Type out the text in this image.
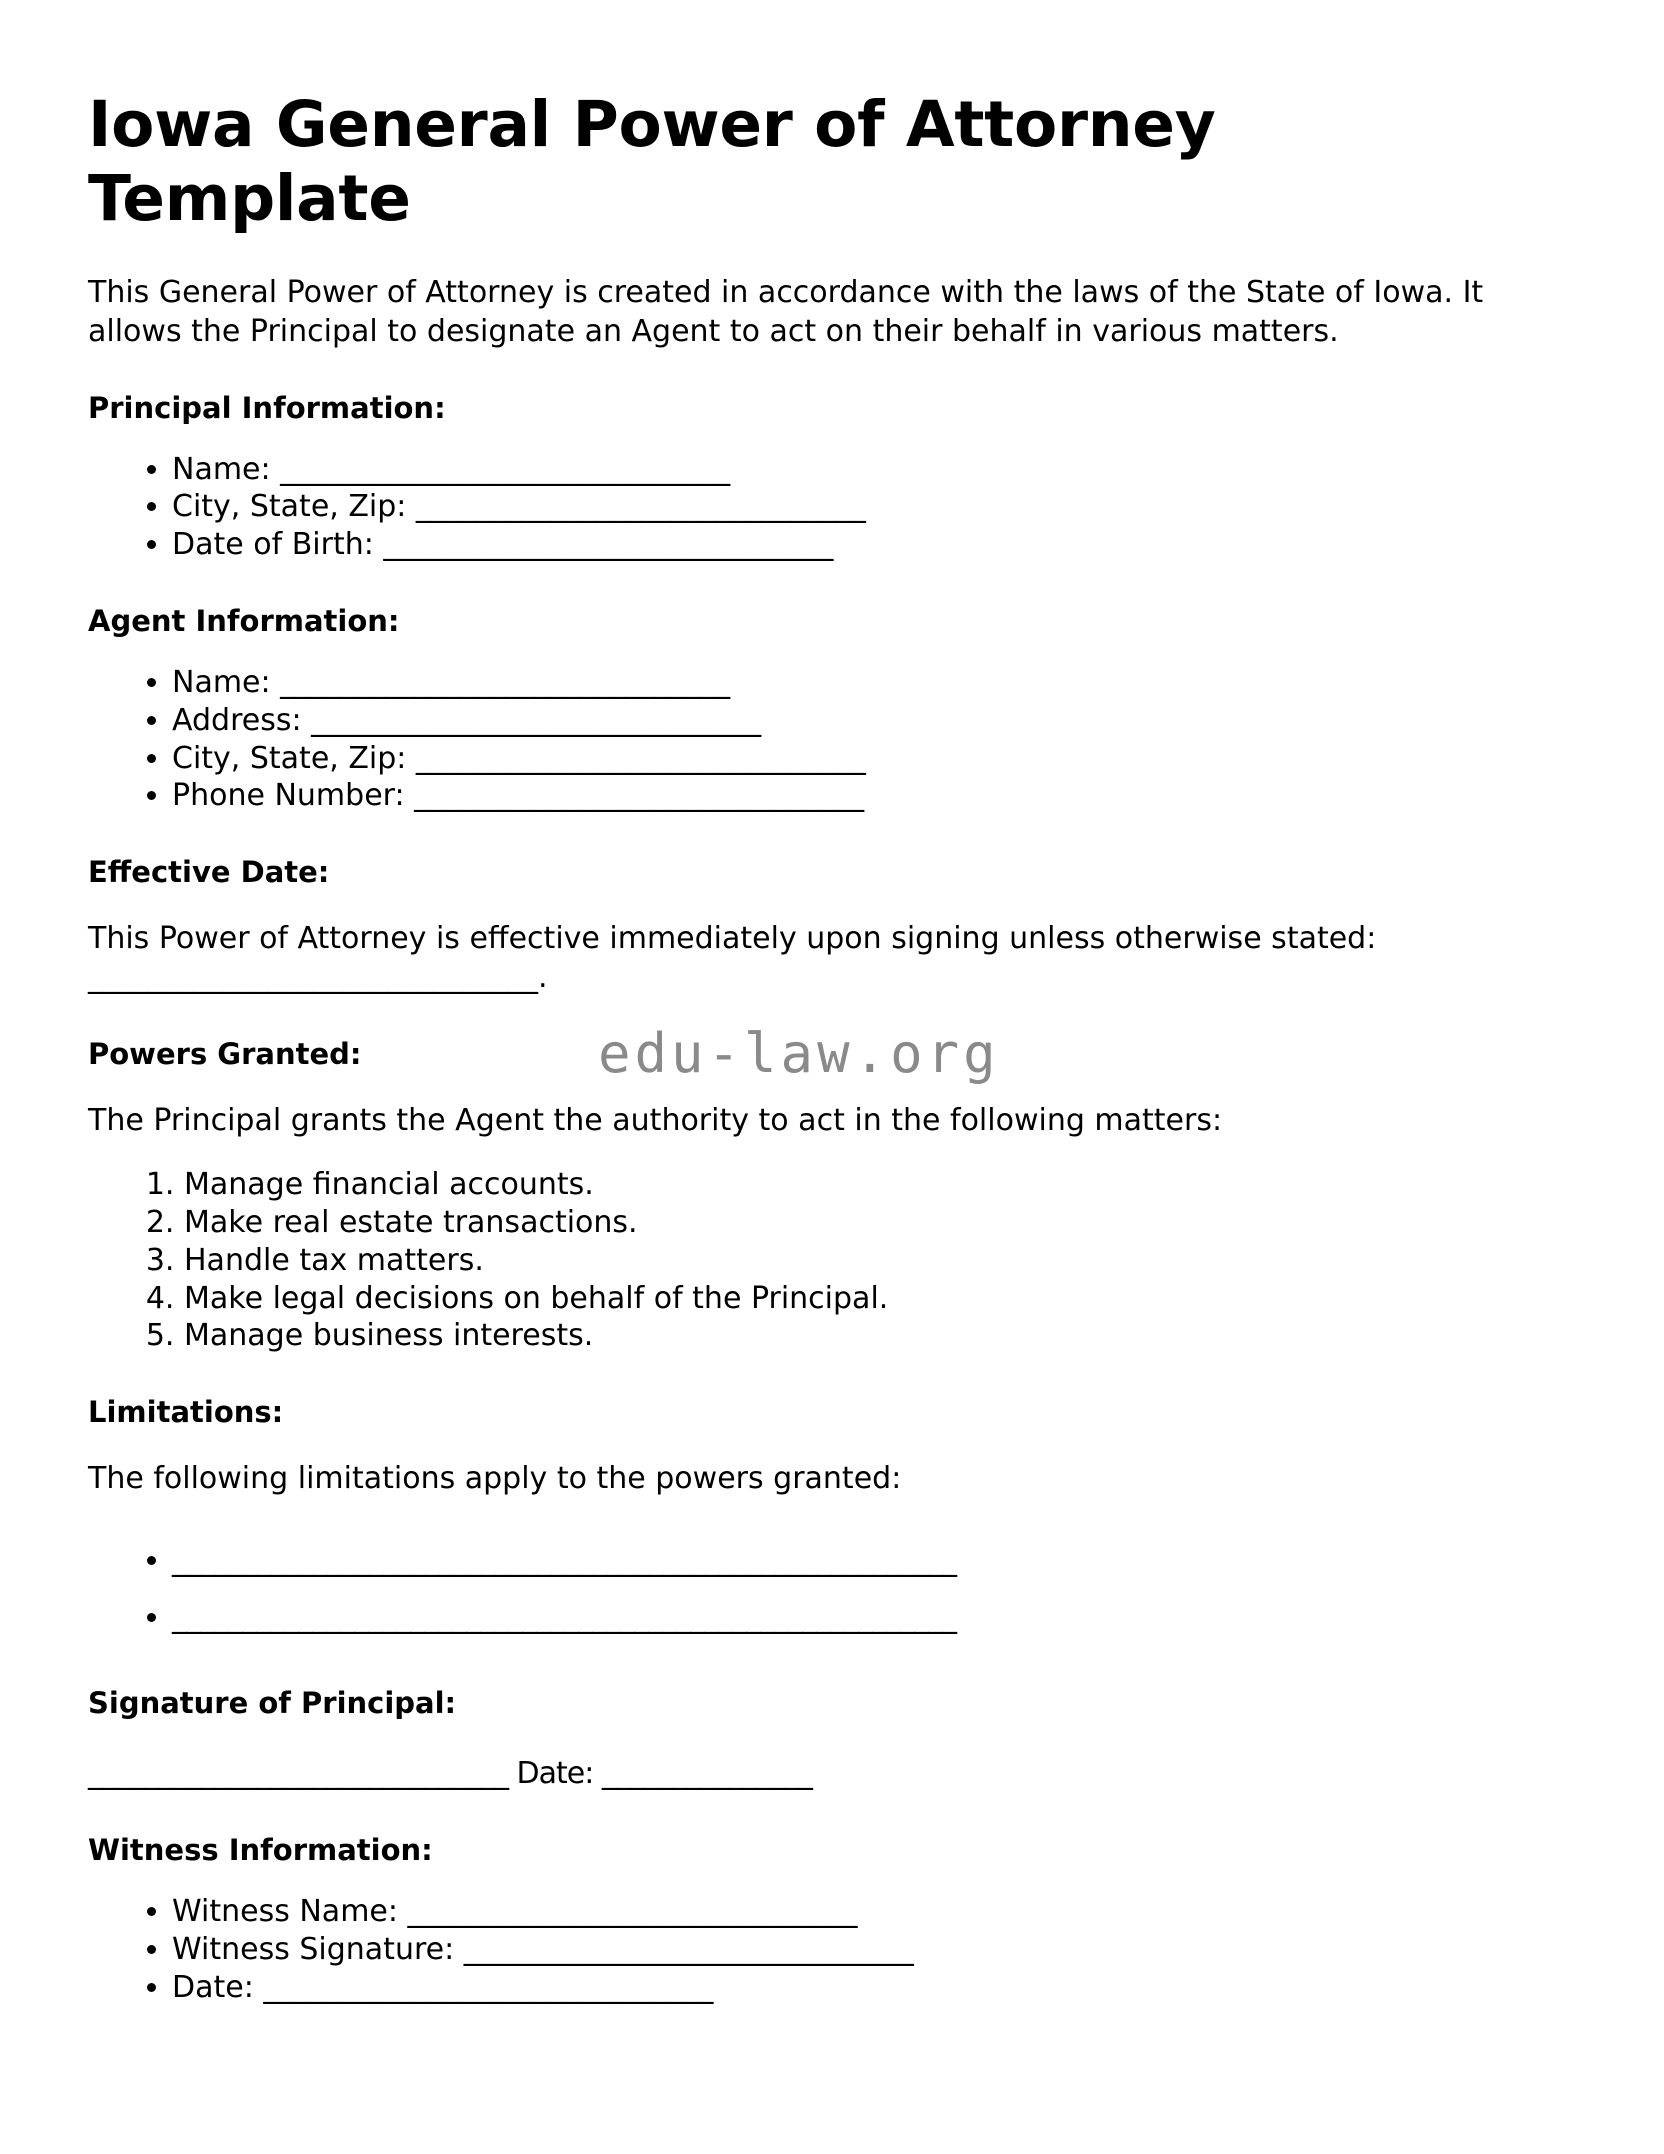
edu-law.org
Iowa General Power of Attorney Template

This General Power of Attorney is created in accordance with the laws of the State of Iowa. It allows the Principal to designate an Agent to act on their behalf in various matters.

Principal Information:
• Name: ______________________________
• City, State, Zip: ______________________________
• Date of Birth: ______________________________
Agent Information:
• Name: ______________________________
• Address: ______________________________
• City, State, Zip: ______________________________
• Phone Number: ______________________________
Effective Date:

This Power of Attorney is effective immediately upon signing unless otherwise stated: ______________________________.

Powers Granted:

The Principal grants the Agent the authority to act in the following matters:

1. Manage financial accounts.
2. Make real estate transactions.
3. Handle tax matters.
4. Make legal decisions on behalf of the Principal.
5. Manage business interests.
Limitations:

The following limitations apply to the powers granted:

• ________________________________________________________
• ________________________________________________________
Signature of Principal:

______________________________ Date: _______________

Witness Information:
• Witness Name: ______________________________
• Witness Signature: ______________________________
• Date: ______________________________
